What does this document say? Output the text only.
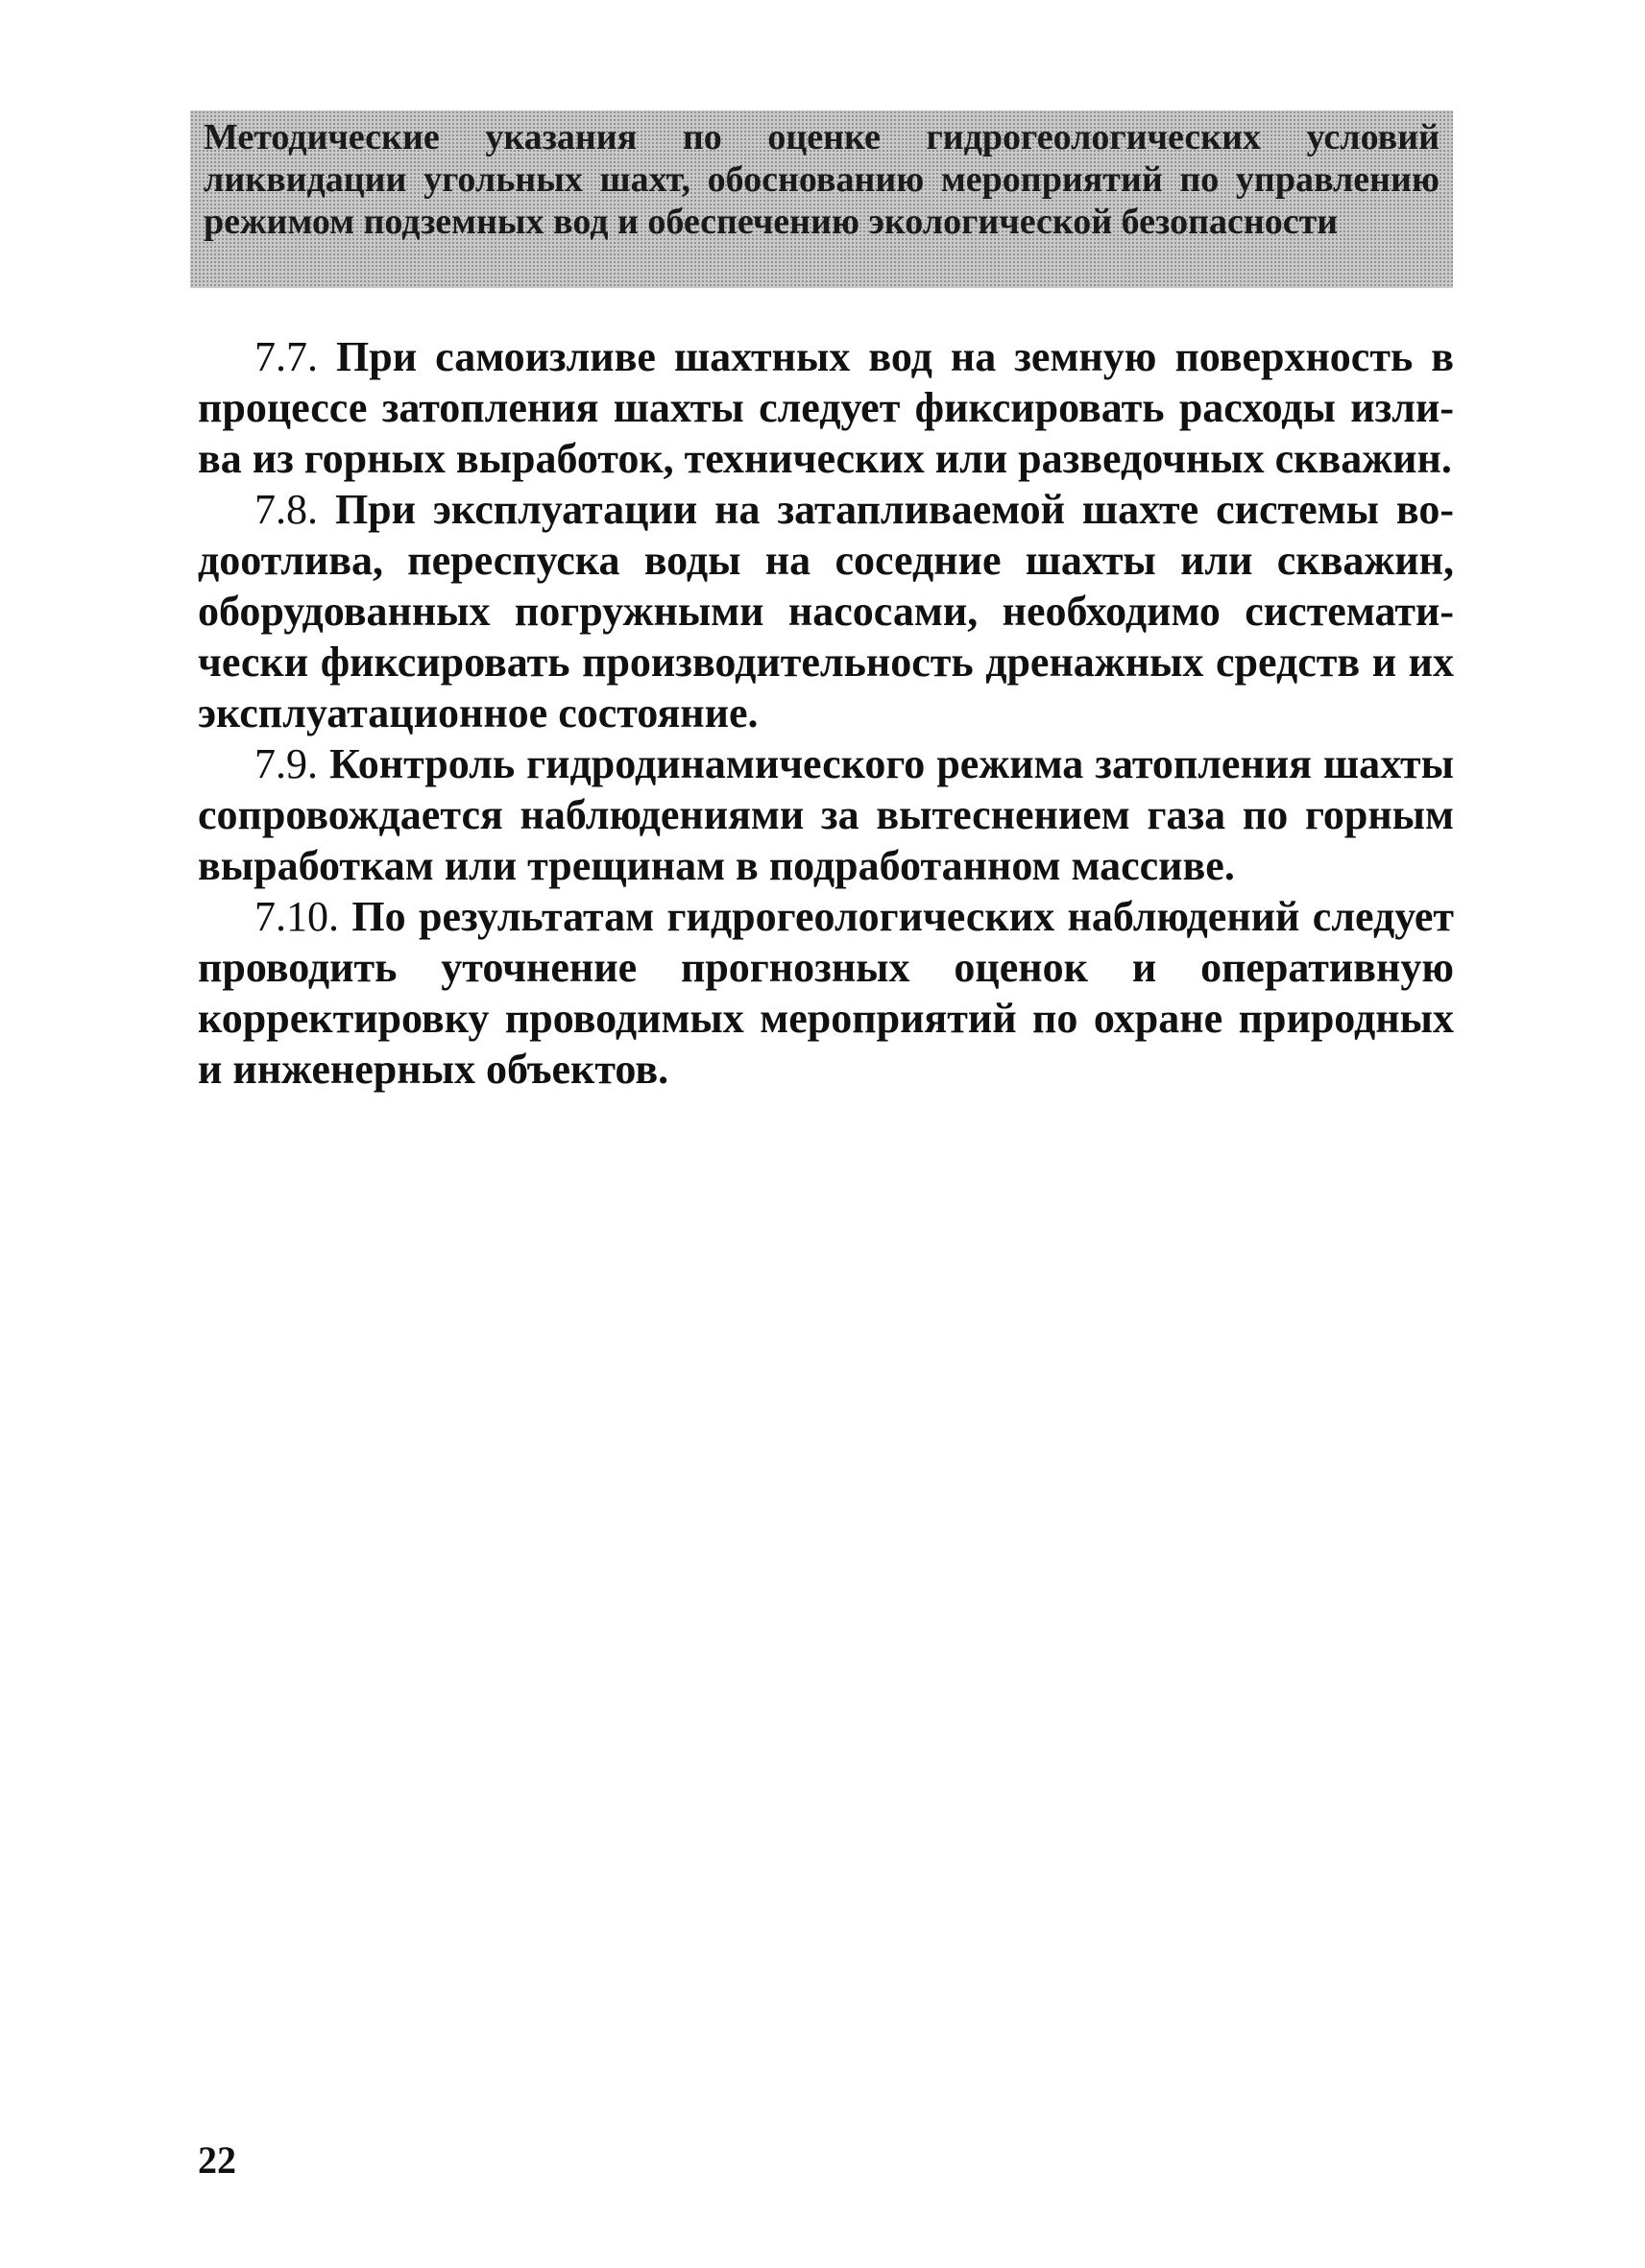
Методические указания по оценке гидрогеологических условий ликвидации угольных шахт, обоснованию мероприятий по управлению режимом подземных вод и обеспечению экологической безопасности

7.7. При самоизливе шахтных вод на земную поверхность в процессе затопления шахты следует фиксировать расходы излива из горных выработок, технических или разведочных скважин.

7.8. При эксплуатации на затапливаемой шахте системы водоотлива, переспуска воды на соседние шахты или скважин, оборудованных погружными насосами, необходимо систематически фиксировать производительность дренажных средств и их эксплуатационное состояние.

7.9. Контроль гидродинамического режима затопления шахты сопровождается наблюдениями за вытеснением газа по горным выработкам или трещинам в подработанном массиве.

7.10. По результатам гидрогеологических наблюдений следует проводить уточнение прогнозных оценок и оперативную корректировку проводимых мероприятий по охране природных и инженерных объектов.

22
